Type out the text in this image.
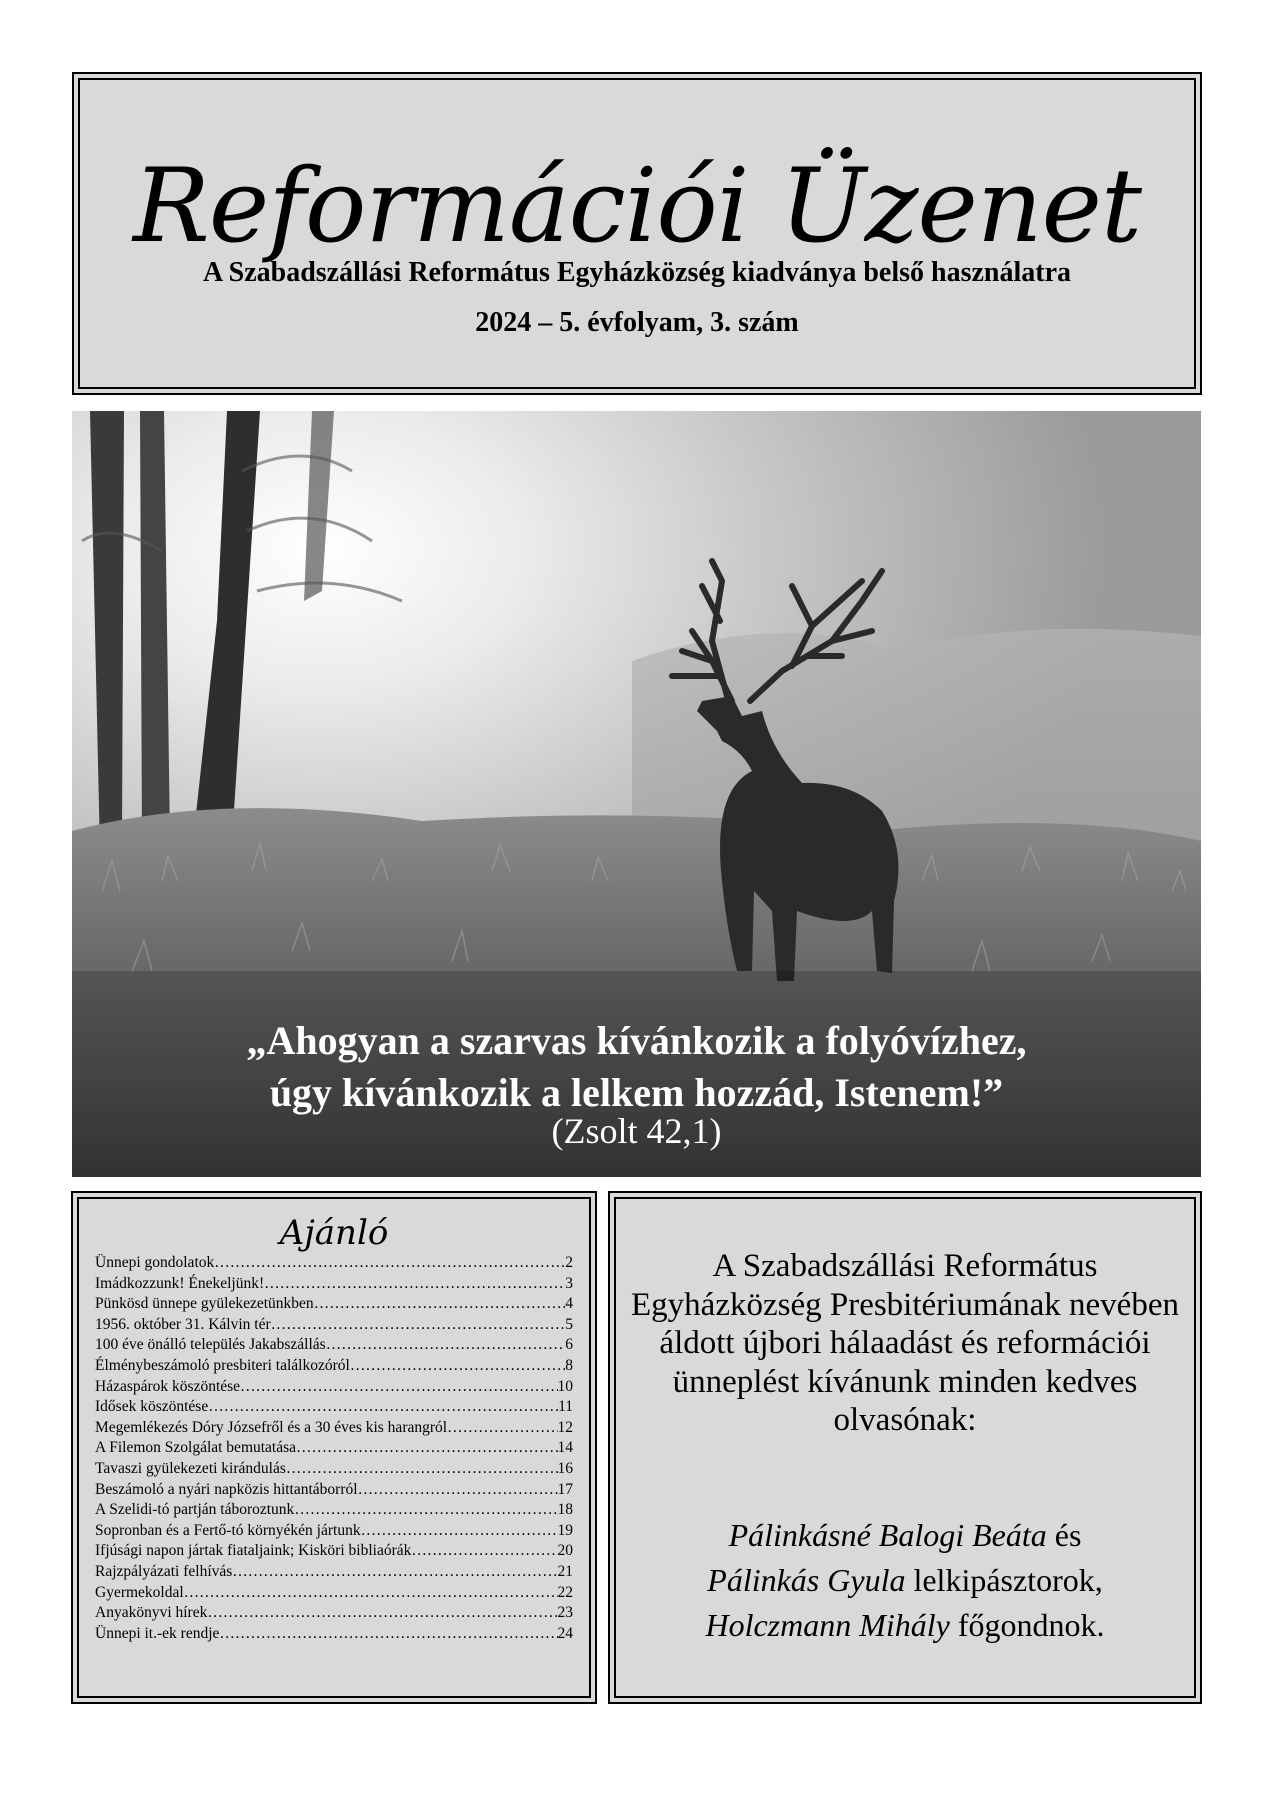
Reformációi Üzenet
A Szabadszállási Református Egyházközség kiadványa belső használatra
2024 – 5. évfolyam, 3. szám
„Ahogyan a szarvas kívánkozik a folyóvízhez,
úgy kívánkozik a lelkem hozzád, Istenem!”
(Zsolt 42,1)
Ajánló
Ünnepi gondolatok ……………………………………………………………………………………………………………	2
Imádkozzunk! Énekeljünk! ……………………………………………………………………………………………………………	3
Pünkösd ünnepe gyülekezetünkben ……………………………………………………………………………………………………………	4
1956. október 31. Kálvin tér ……………………………………………………………………………………………………………	5
100 éve önálló település Jakabszállás ……………………………………………………………………………………………………………	6
Élménybeszámoló presbiteri találkozóról ……………………………………………………………………………………………………………	8
Házaspárok köszöntése ……………………………………………………………………………………………………………	10
Idősek köszöntése ……………………………………………………………………………………………………………	11
Megemlékezés Dóry Józsefről és a 30 éves kis harangról ……………………………………………………………………………………………………………	12
A Filemon Szolgálat bemutatása ……………………………………………………………………………………………………………	14
Tavaszi gyülekezeti kirándulás ……………………………………………………………………………………………………………	16
Beszámoló a nyári napközis hittantáborról ……………………………………………………………………………………………………………	17
A Szelidi-tó partján táboroztunk ……………………………………………………………………………………………………………	18
Sopronban és a Fertő-tó környékén jártunk ……………………………………………………………………………………………………………	19
Ifjúsági napon jártak fiataljaink; Kisköri bibliaórák ……………………………………………………………………………………………………………	20
Rajzpályázati felhívás ……………………………………………………………………………………………………………	21
Gyermekoldal ……………………………………………………………………………………………………………	22
Anyakönyvi hírek ……………………………………………………………………………………………………………	23
Ünnepi it.-ek rendje ……………………………………………………………………………………………………………	24
A Szabadszállási Református Egyházközség Presbitériumának nevében áldott újbori hálaadást és reformációi ünneplést kívánunk minden kedves olvasónak:
Pálinkásné Balogi Beáta és
Pálinkás Gyula lelkipásztorok,
Holczmann Mihály főgondnok.
